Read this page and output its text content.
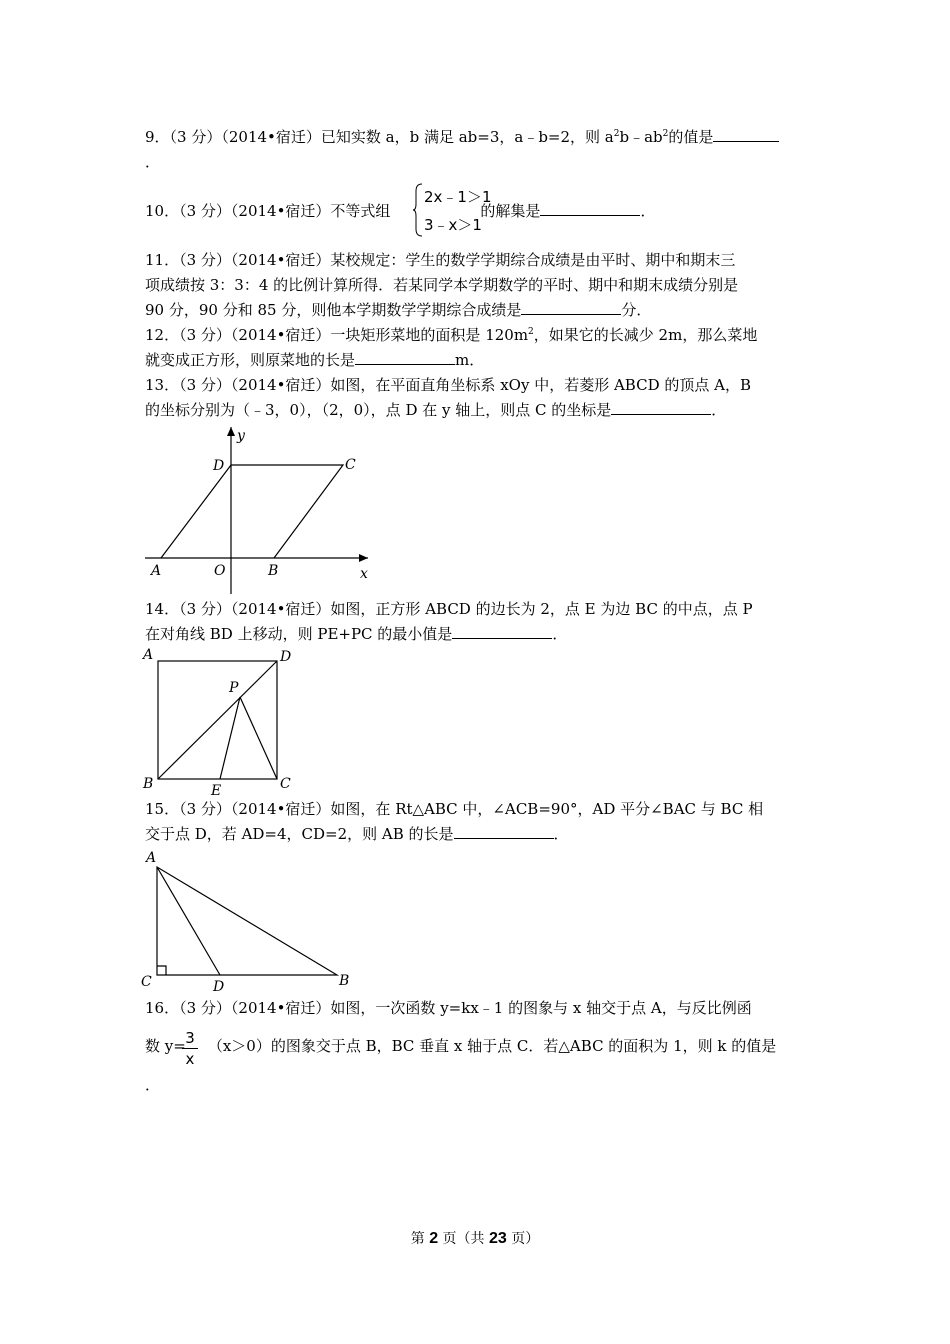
9．（3 分）（2014•宿迁）已知实数 a，b 满足 ab=3，a﹣b=2，则 $a^2b﹣ab^2$的值是
．
10．（3 分）（2014•宿迁）不等式组	的解集是	．
2x﹣1＞1
3﹣x＞1
11．（3 分）（2014•宿迁）某校规定：学生的数学学期综合成绩是由平时、期中和期末三
项成绩按 3：3：4 的比例计算所得．若某同学本学期数学的平时、期中和期末成绩分别是
90 分，90 分和 85 分，则他本学期数学学期综合成绩是	分．
12．（3 分）（2014•宿迁）一块矩形菜地的面积是 $120m^2$，如果它的长减少 2m，那么菜地
就变成正方形，则原菜地的长是	m．
13．（3 分）（2014•宿迁）如图，在平面直角坐标系 xOy 中，若菱形 ABCD 的顶点 A，B
的坐标分别为（﹣3，0），（2，0），点 D 在 y 轴上，则点 C 的坐标是	．
y
D	C
A	O	B	x
14．（3 分）（2014•宿迁）如图，正方形 ABCD 的边长为 2，点 E 为边 BC 的中点，点 P
在对角线 BD 上移动，则 PE+PC 的最小值是	．
A	D
P
B	E	C
15．（3 分）（2014•宿迁）如图，在 Rt△ABC 中，∠ACB=90°，AD 平分∠BAC 与 BC 相
交于点 D，若 AD=4，CD=2，则 AB 的长是	．
A
C	D	B
16．（3 分）（2014•宿迁）如图，一次函数 y=kx﹣1 的图象与 x 轴交于点 A，与反比例函
数 y= （x＞0）的图象交于点 B，BC 垂直 x 轴于点 C．若△ABC 的面积为 1，则 k 的值是
3
x
．
第 2 页（共 23 页）
